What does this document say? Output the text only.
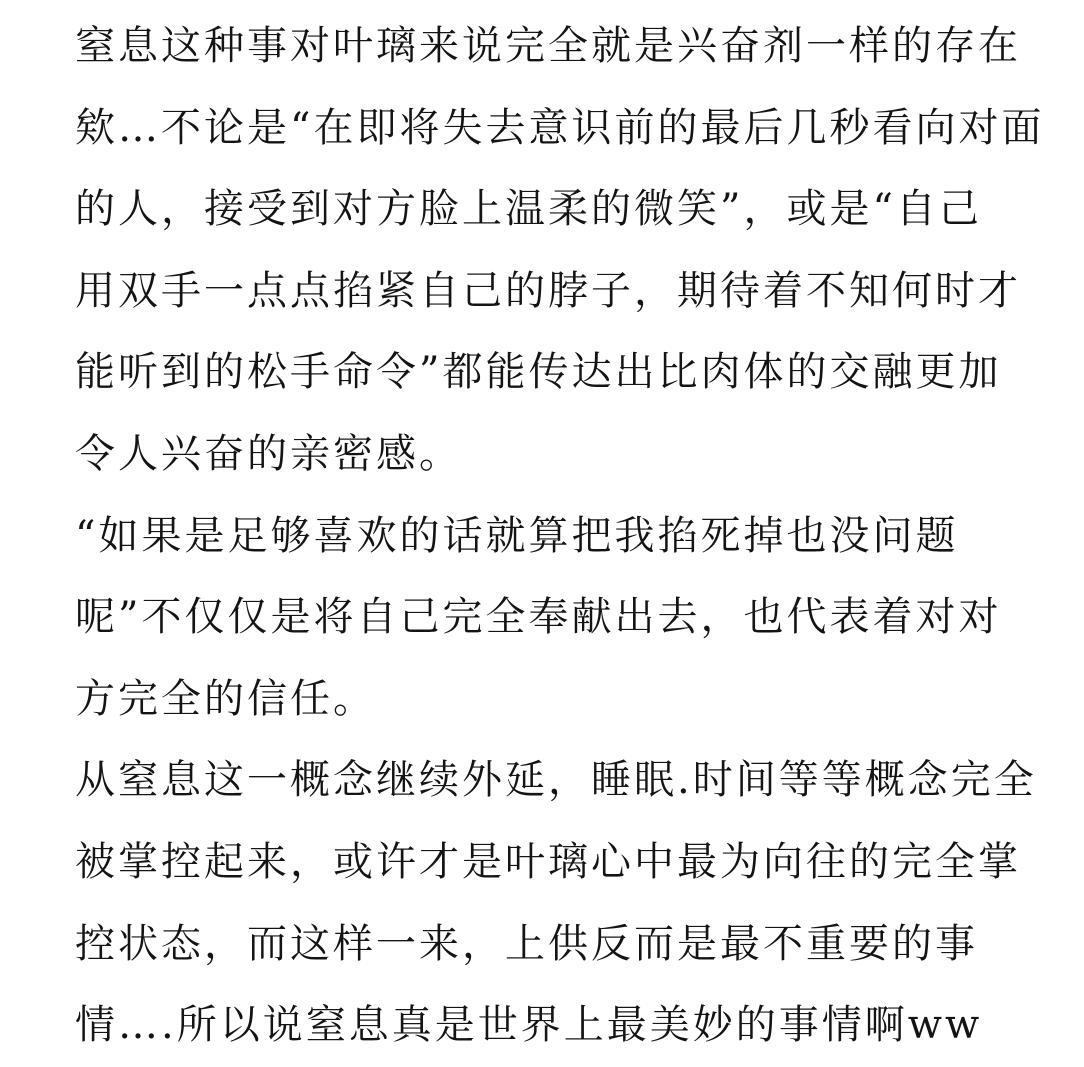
窒息这种事对叶璃来说完全就是兴奋剂一样的存在
欸…不论是“在即将失去意识前的最后几秒看向对面
的人，接受到对方脸上温柔的微笑”，或是“自己
用双手一点点掐紧自己的脖子，期待着不知何时才
能听到的松手命令”都能传达出比肉体的交融更加
令人兴奋的亲密感。
“如果是足够喜欢的话就算把我掐死掉也没问题
呢”不仅仅是将自己完全奉献出去，也代表着对对
方完全的信任。
从窒息这一概念继续外延，睡眠.时间等等概念完全
被掌控起来，或许才是叶璃心中最为向往的完全掌
控状态，而这样一来，上供反而是最不重要的事
情….所以说窒息真是世界上最美妙的事情啊ww
